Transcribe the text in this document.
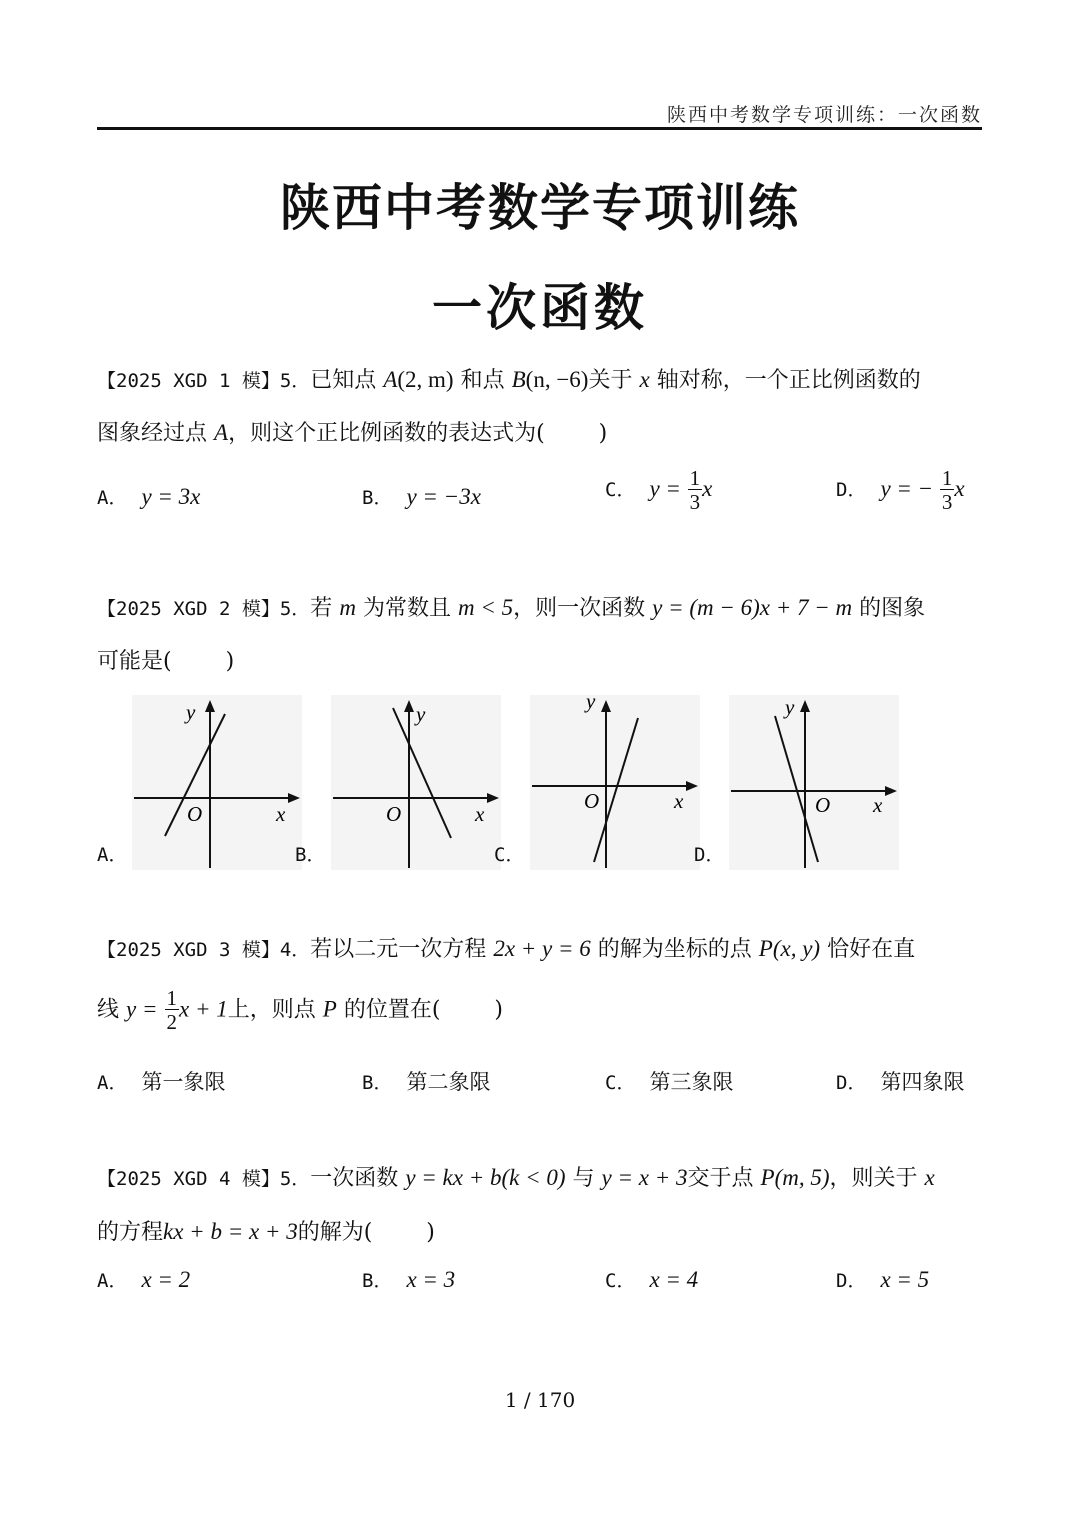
陕西中考数学专项训练：一次函数
陕西中考数学专项训练
一次函数
【2025 XGD 1 模】5．已知点 A(2, m) 和点 B(n, −6)关于 x 轴对称，一个正比例函数的
图象经过点 A，则这个正比例函数的表达式为( )
A． y = 3x	B． y = −3x	C． $y = \frac{1}{3}$ x	D． y = − $\frac{1}{3}$ x
【2025 XGD 2 模】5．若 m 为常数且 m < 5，则一次函数 y = (m − 6)x + 7 − m 的图象
可能是( )
A．
y
O	x
B．
y
O	x
C．
y
O	x
D．
y
O x
【2025 XGD 3 模】4．若以二元一次方程 2x + y = 6 的解为坐标的点 P(x, y) 恰好在直
线 $y = \frac{1}{2}$ x + 1上，则点 P 的位置在( )
A． 第一象限	B． 第二象限	C． 第三象限	D． 第四象限
【2025 XGD 4 模】5．一次函数 y = kx + b(k < 0) 与 y = x + 3交于点 P(m, 5)，则关于 x
的方程kx + b = x + 3的解为( )
A． x = 2	B． x = 3	C． x = 4	D． x = 5
1 / 170
